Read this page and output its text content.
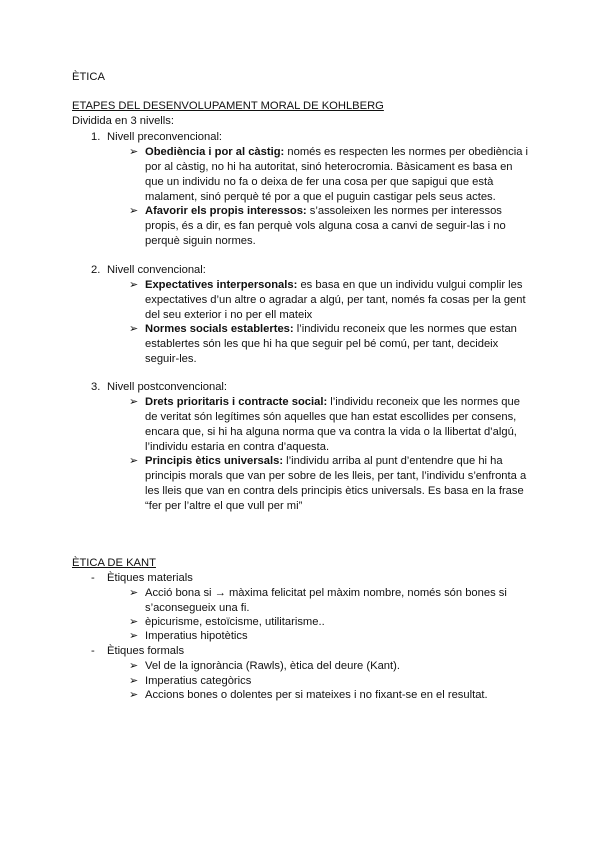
ÈTICA
ETAPES DEL DESENVOLUPAMENT MORAL DE KOHLBERG
Dividida en 3 nivells:
1. Nivell preconvencional:
➢ Obediència i por al càstig: només es respecten les normes per obediència i
por al càstig, no hi ha autoritat, sinó heterocromia. Bàsicament es basa en
que un individu no fa o deixa de fer una cosa per que sapigui que està
malament, sinó perquè té por a que el puguin castigar pels seus actes.
➢ Afavorir els propis interessos: s’assoleixen les normes per interessos
propis, és a dir, es fan perquè vols alguna cosa a canvi de seguir-las i no
perquè siguin normes.
2. Nivell convencional:
➢ Expectatives interpersonals: es basa en que un individu vulgui complir les
expectatives d’un altre o agradar a algú, per tant, només fa cosas per la gent
del seu exterior i no per ell mateix
➢ Normes socials establertes: l’individu reconeix que les normes que estan
establertes són les que hi ha que seguir pel bé comú, per tant, decideix
seguir-les.
3. Nivell postconvencional:
➢ Drets prioritaris i contracte social: l’individu reconeix que les normes que
de veritat són legítimes són aquelles que han estat escollides per consens,
encara que, si hi ha alguna norma que va contra la vida o la llibertat d’algú,
l’individu estaria en contra d’aquesta.
➢ Principis ètics universals: l’individu arriba al punt d’entendre que hi ha
principis morals que van per sobre de les lleis, per tant, l’individu s’enfronta a
les lleis que van en contra dels principis ètics universals. Es basa en la frase
“fer per l’altre el que vull per mi”
ÈTICA DE KANT
- Ètiques materials
➢ Acció bona si → màxima felicitat pel màxim nombre, només són bones si
s’aconsegueix una fi.
➢ èpicurisme, estoïcisme, utilitarisme..
➢ Imperatius hipotètics
- Ètiques formals
➢ Vel de la ignorància (Rawls), ètica del deure (Kant).
➢ Imperatius categòrics
➢ Accions bones o dolentes per si mateixes i no fixant-se en el resultat.
